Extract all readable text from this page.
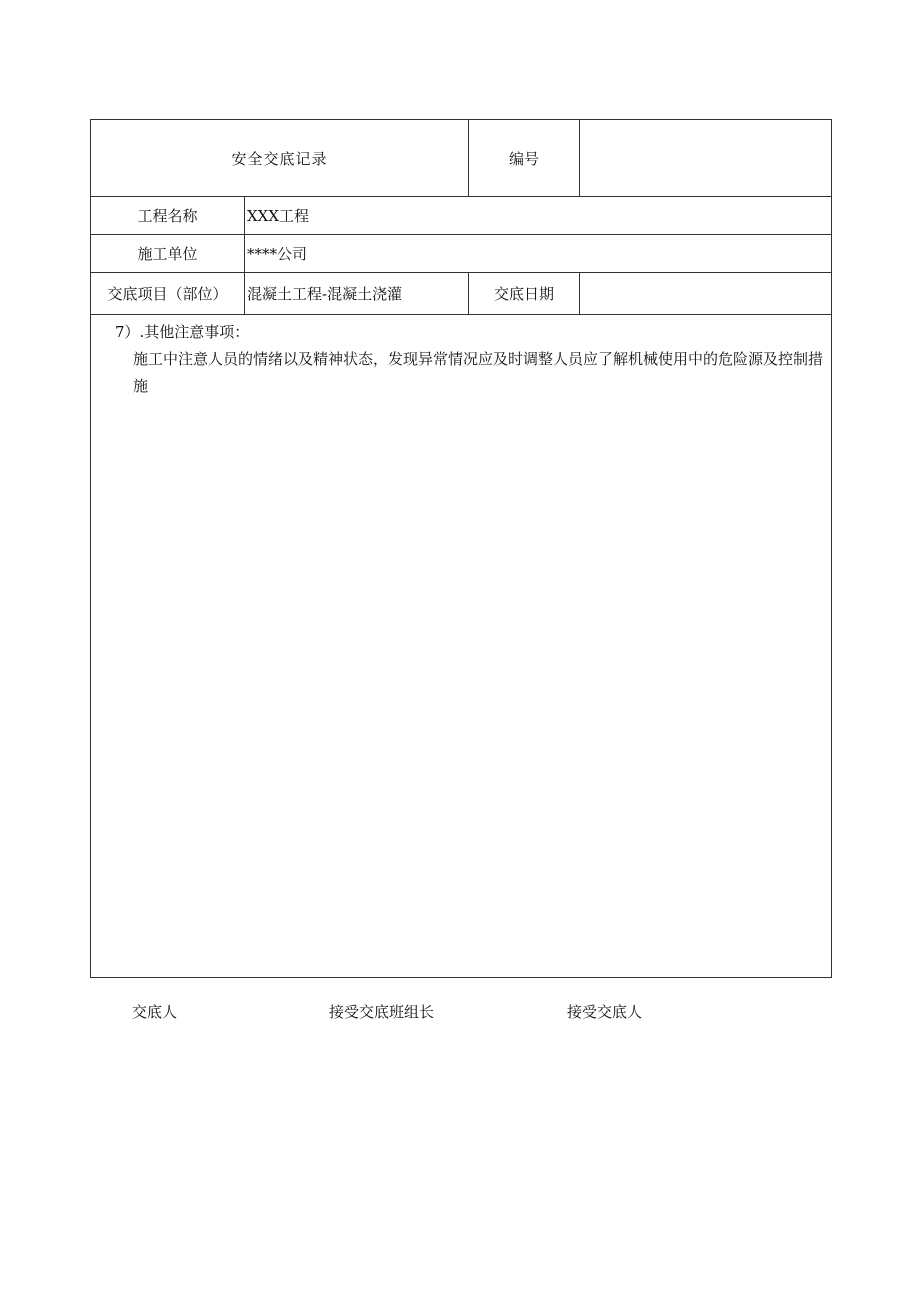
安全交底记录		编号	
工程名称	XXX工程		
施工单位	****公司		
交底项目（部位）	混凝土工程-混凝土浇灌	交底日期	

7）.其他注意事项：
施工中注意人员的情绪以及精神状态，发现异常情况应及时调整人员应了解机械使用中的危险源及控制措施			
交底人	接受交底班组长	接受交底人
